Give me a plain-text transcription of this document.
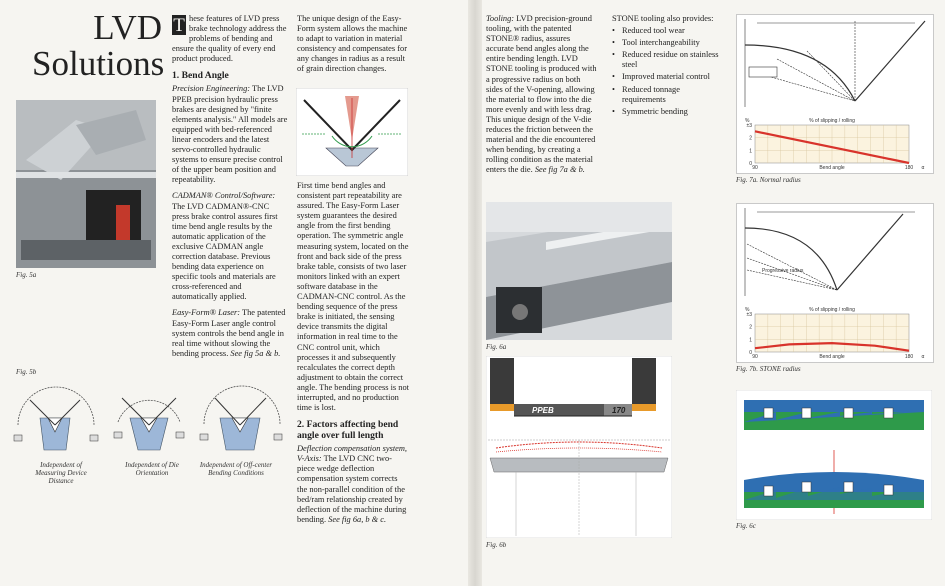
LVD Solutions
Fig. 5a

T hese features of LVD press brake technology address the problems of bending and ensure the quality of every end product produced.

1. Bend Angle

Precision Engineering: The LVD PPEB precision hydraulic press brakes are designed by "finite elements analysis." All models are equipped with bed-referenced linear encoders and the latest servo-controlled hydraulic systems to ensure precise control of the upper beam position and repeatability.

CADMAN® Control/Software: The LVD CADMAN®-CNC press brake control assures first time bend angle results by the automatic application of the exclusive CADMAN angle correction database. Previous bending data experience on specific tools and materials are cross-referenced and automatically applied.

Easy-Form® Laser: The patented Easy-Form Laser angle control system controls the bend angle in real time without slowing the bending process. See fig 5a & b.

Fig. 5b
Independent of Measuring Device Distance
Independent of Die Orientation
Independent of Off-center Bending Conditions

The unique design of the Easy-Form system allows the machine to adapt to variation in material consistency and compensates for any changes in radius as a result of grain direction changes.

First time bend angles and consistent part repeatability are assured. The Easy-Form Laser system guarantees the desired angle from the first bending operation. The symmetric angle measuring system, located on the front and back side of the press brake table, consists of two laser monitors linked with an expert software database in the CADMAN-CNC control. As the bending sequence of the press brake is initiated, the sensing device transmits the digital information in real time to the CNC control unit, which processes it and subsequently recalculates the correct depth adjustment to obtain the correct angle. The bending process is not interrupted, and no production time is lost.

2. Factors affecting bend angle over full length

Deflection compensation system, V-Axis: The LVD CNC two-piece wedge deflection compensation system corrects the non-parallel condition of the bed/ram relationship created by deflection of the machine during bending. See fig 6a, b & c.

Tooling: LVD precision-ground tooling, with the patented STONE® radius, assures accurate bend angles along the entire bending length. LVD STONE tooling is produced with a progressive radius on both sides of the V-opening, allowing the material to flow into the die more evenly and with less drag. This unique design of the V-die reduces the friction between the material and the die encountered when bending, by creating a rolling condition as the material enters the die. See fig 7a & b.

STONE tooling also provides:

• Reduced tool wear
• Tool interchangeability
• Reduced residue on stainless steel
• Improved material control
• Reduced tonnage requirements
• Symmetric bending
Fig. 6a
PPEB	170
Fig. 6b
±3
2
1
0
%	% of slipping / rolling
90	180
Bend angle	α
Fig. 7a. Normal radius
±3
2
1
0
%	% of slipping / rolling
90	180
Bend angle	α
Progressive radius
Fig. 7b. STONE radius
Fig. 6c
